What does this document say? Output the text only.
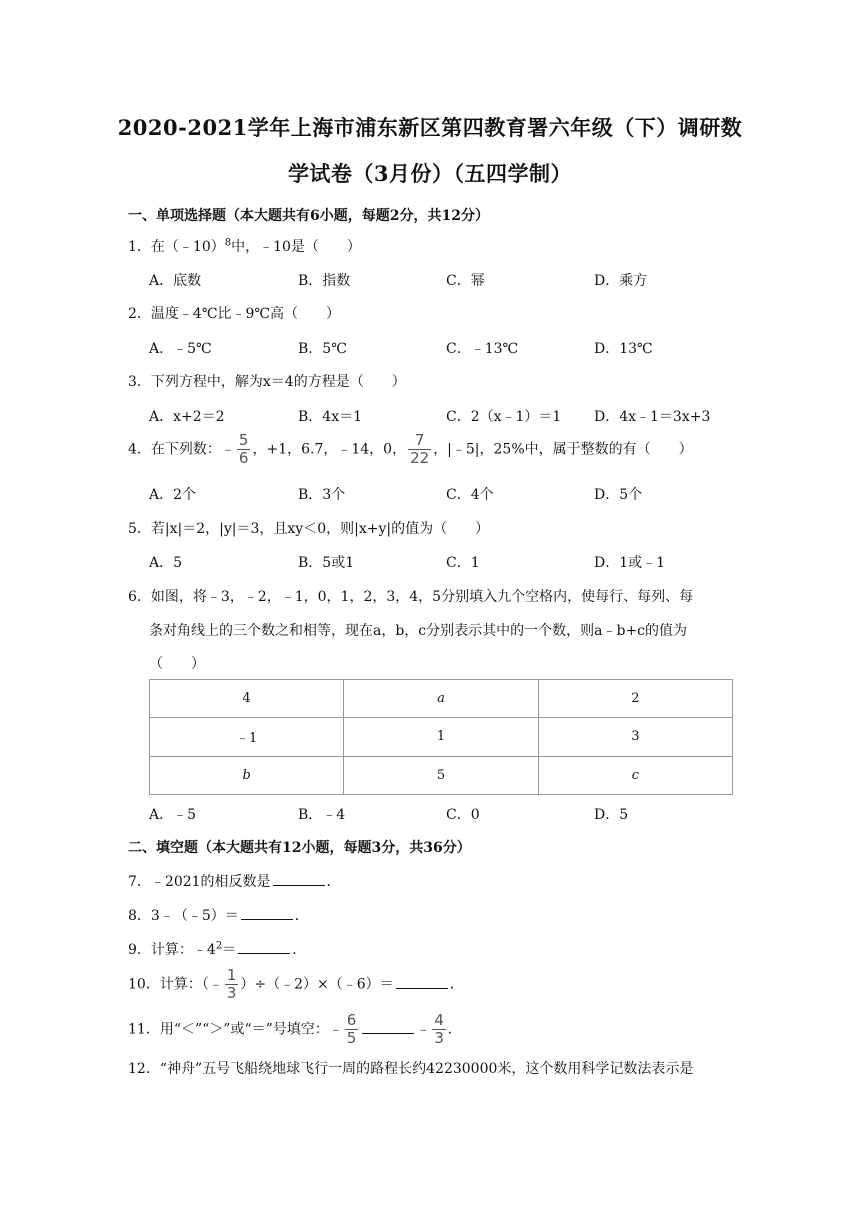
2020-2021学年上海市浦东新区第四教育署六年级（下）调研数
学试卷（3月份）（五四学制）
一、单项选择题（本大题共有6小题，每题2分，共12分）
1．在（﹣10）$^8$中，﹣10是（　　）
A．底数	B．指数	C．幂	D．乘方
2．温度﹣4℃比﹣9℃高（　　）
A．﹣5℃	B．5℃	C．﹣13℃	D．13℃
3．下列方程中，解为x＝4的方程是（　　）
A．x+2＝2	B．4x＝1	C．2（x﹣1）＝1 D．4x﹣1＝3x+3
4．在下列数：﹣ $\frac{5}{6}$ ，+1，6.7，﹣14，0， $\frac{7}{22}$ ，|﹣5|，25%中，属于整数的有（　　）
A．2个	B．3个	C．4个	D．5个
5．若|x|＝2，|y|＝3，且xy＜0，则|x+y|的值为（　　）
A．5	B．5或1	C．1	D．1或﹣1
6．如图，将﹣3，﹣2，﹣1，0，1，2，3，4，5分别填入九个空格内，使每行、每列、每
条对角线上的三个数之和相等，现在a，b，c分别表示其中的一个数，则a﹣b+c的值为
（　　）
4	a	2
﹣1	1	3
b	5	c
A．﹣5	B．﹣4	C．0	D．5
二、填空题（本大题共有12小题，每题3分，共36分）
7．﹣2021的相反数是	．
8．3﹣（﹣5）＝	．
9．计算：$﹣4^2=$	．
10．计算：（﹣ $\frac{1}{3}$ ）÷（﹣2）×（﹣6）＝	．
11．用“＜”“＞”或“＝”号填空：﹣ $\frac{6}{5}$	﹣ $\frac{4}{3}$ ．
12．“神舟”五号飞船绕地球飞行一周的路程长约42230000米，这个数用科学记数法表示是
